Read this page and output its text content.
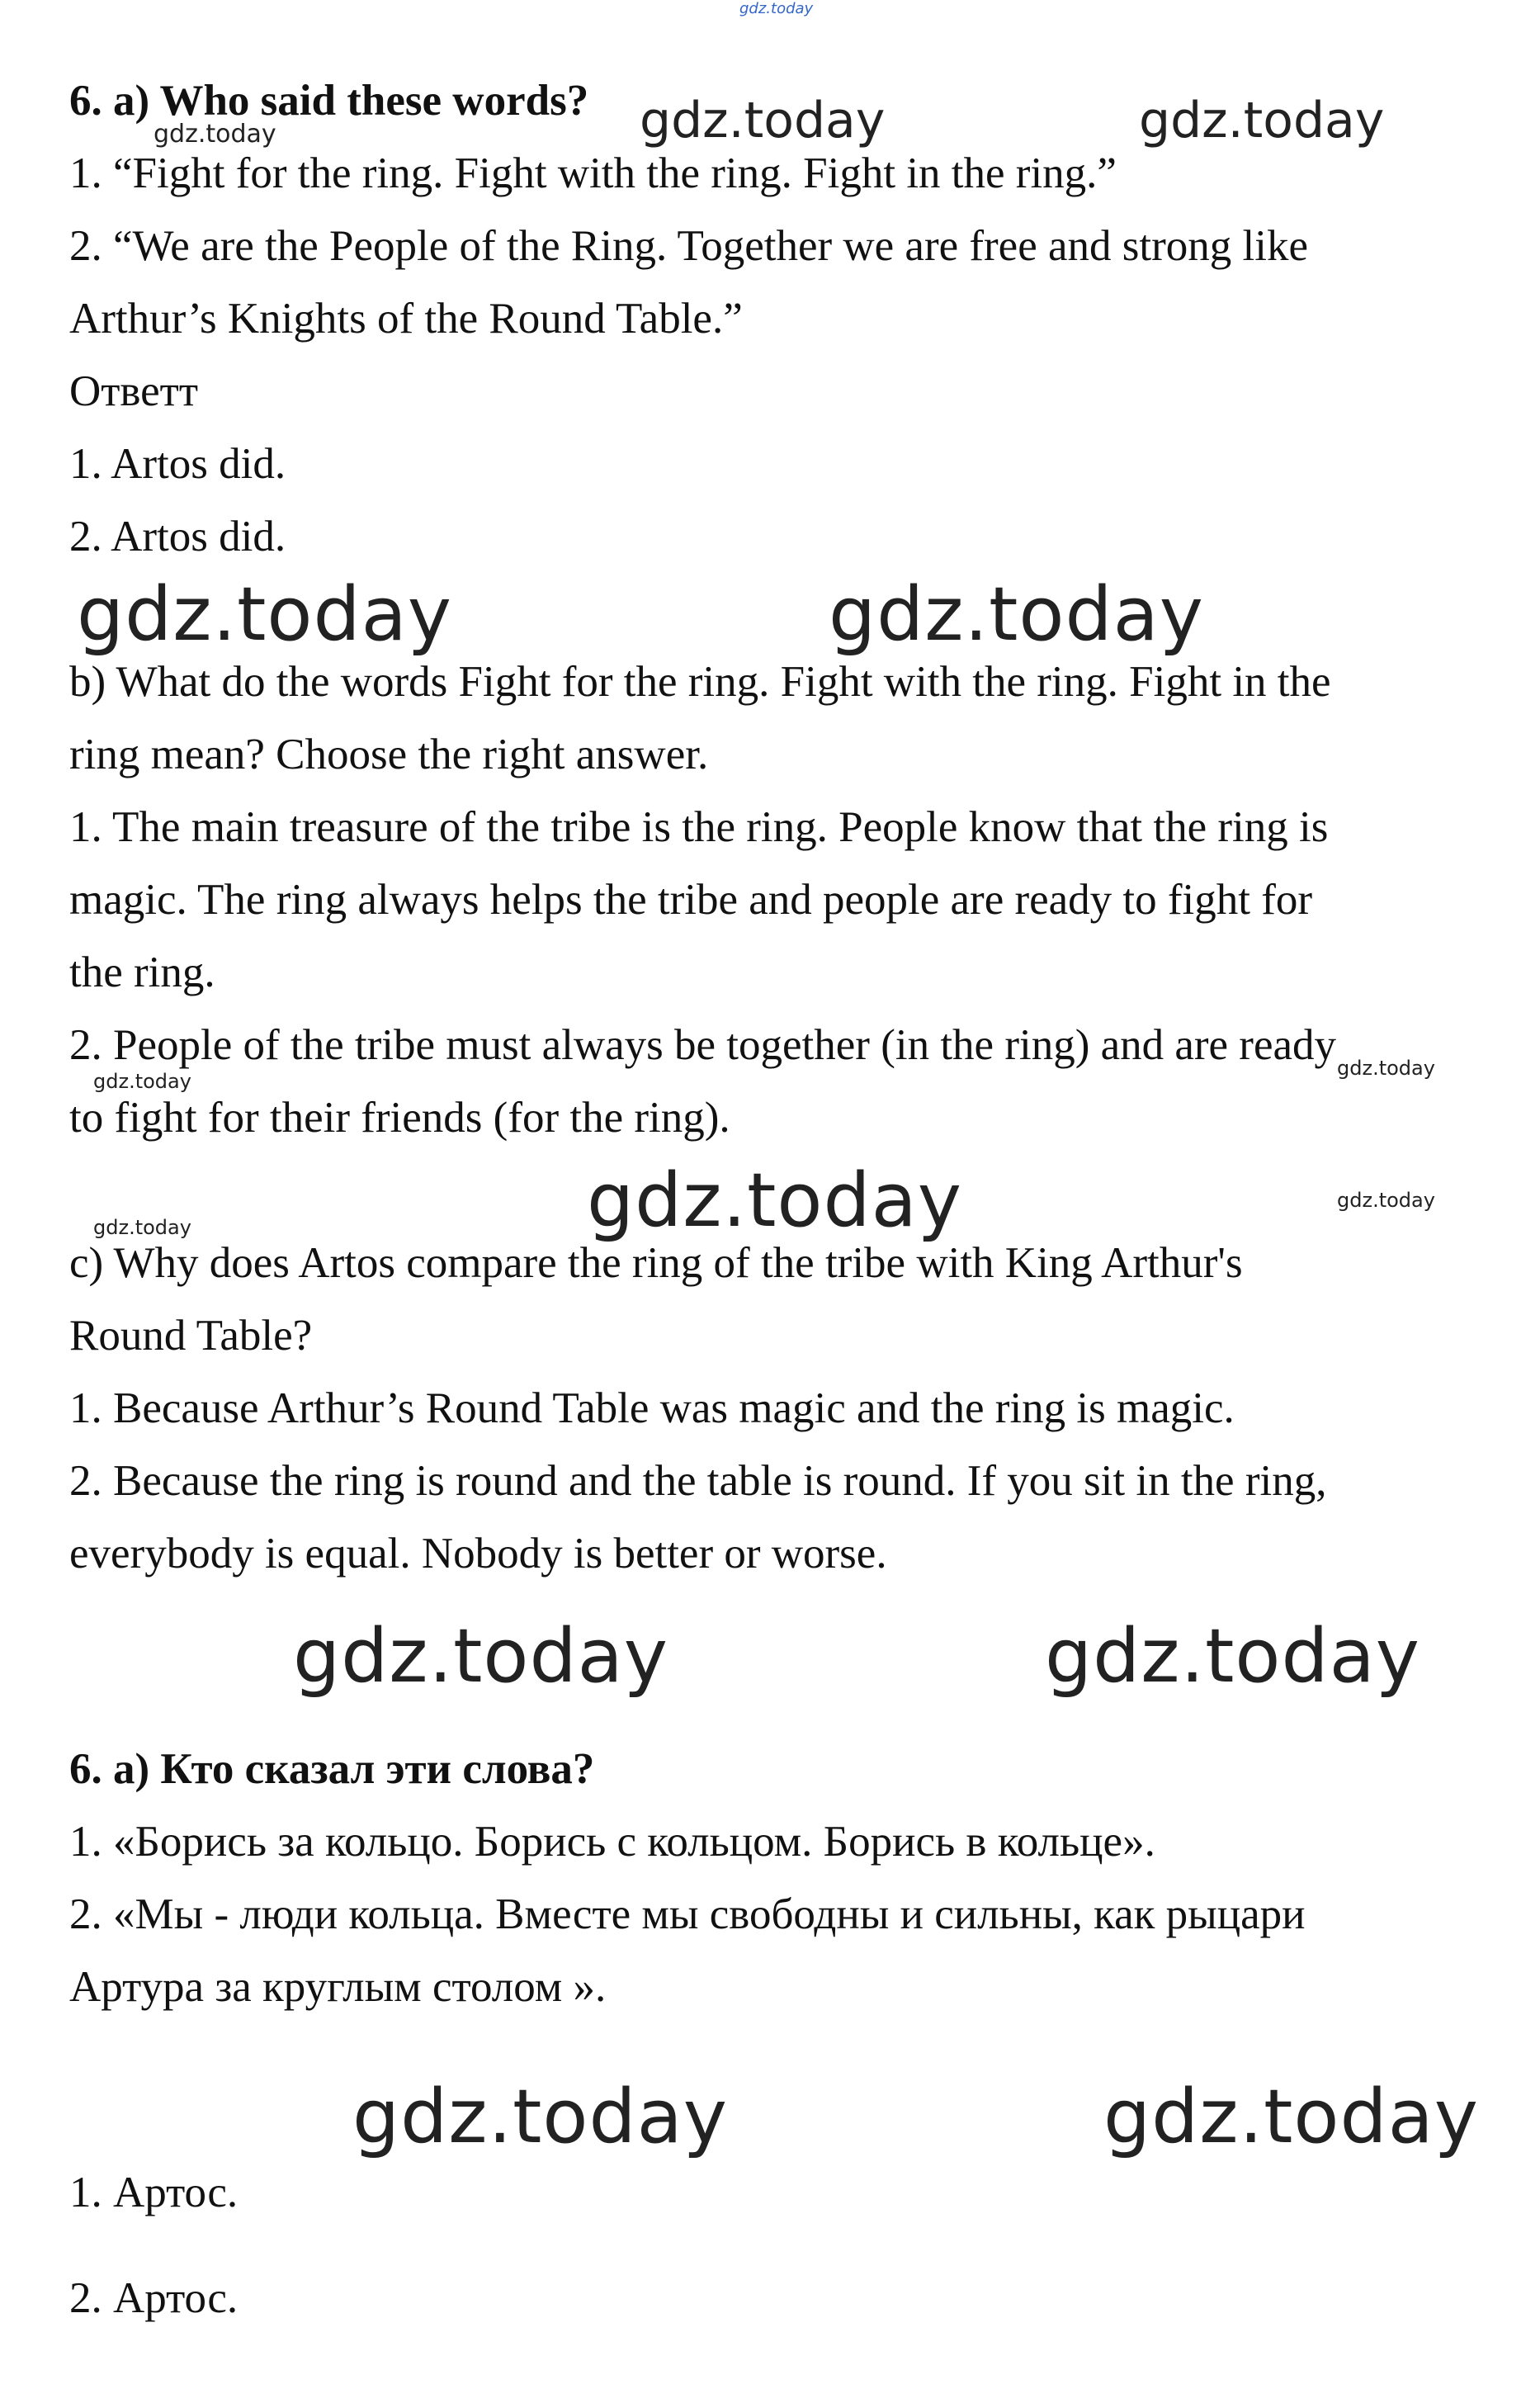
gdz.today
6. a) Who said these words?
1. “Fight for the ring. Fight with the ring. Fight in the ring.”
2. “We are the People of the Ring. Together we are free and strong like
Arthur’s Knights of the Round Table.”
Ответт
1. Artos did.
2. Artos did.
b) What do the words Fight for the ring. Fight with the ring. Fight in the
ring mean? Choose the right answer.
1. The main treasure of the tribe is the ring. People know that the ring is
magic. The ring always helps the tribe and people are ready to fight for
the ring.
2. People of the tribe must always be together (in the ring) and are ready
to fight for their friends (for the ring).
c) Why does Artos compare the ring of the tribe with King Arthur's
Round Table?
1. Because Arthur’s Round Table was magic and the ring is magic.
2. Because the ring is round and the table is round. If you sit in the ring,
everybody is equal. Nobody is better or worse.
6. а) Кто сказал эти слова?
1. «Борись за кольцо. Борись с кольцом. Борись в кольце».
2. «Мы - люди кольца. Вместе мы свободны и сильны, как рыцари
Артура за круглым столом ».
1. Артос.
2. Артос.
gdz.today	gdz.today
gdz.today
gdz.today	gdz.today
gdz.today
gdz.today
gdz.today	gdz.today
gdz.today
gdz.today	gdz.today
gdz.today	gdz.today
